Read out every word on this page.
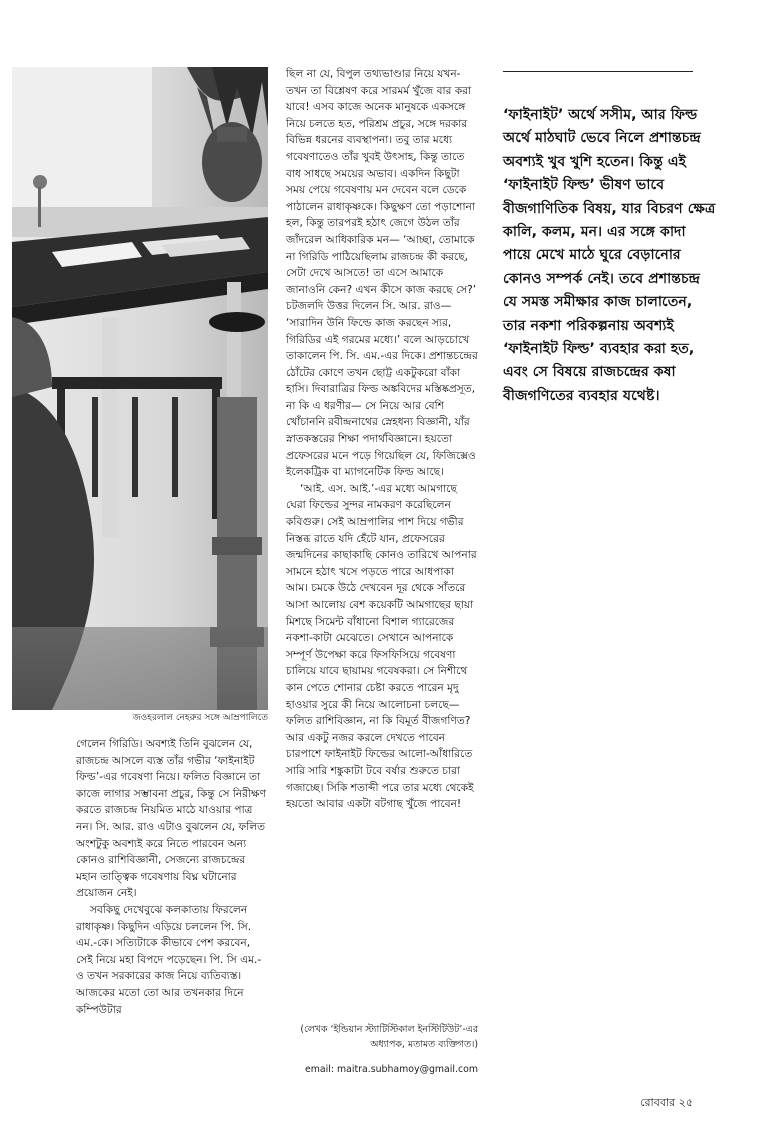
জওহরলাল নেহরুর সঙ্গে আম্রপালিতে

ছিল না যে, বিপুল তথ্যভাণ্ডার নিয়ে যখন-তখন তা বিশ্লেষণ করে সারমর্ম খুঁজে বার করা যাবে! এসব কাজে অনেক মানুষকে একসঙ্গে নিয়ে চলতে হত, পরিশ্রম প্রচুর, সঙ্গে দরকার বিভিন্ন ধরনের ব্যবস্থাপনা। তবু তার মধ্যে গবেষণাতেও তাঁর খুবই উৎসাহ, কিন্তু তাতে বাধ সাধছে সময়ের অভাব। একদিন কিছুটা সময় পেয়ে গবেষণায় মন দেবেন বলে ডেকে পাঠালেন রাধাকৃষ্ণকে। কিছুক্ষণ তো পড়াশোনা হল, কিন্তু তারপরই হঠাৎ জেগে উঠল তাঁর জাঁদরেল আধিকারিক মন— ‘আচ্ছা, তোমাকে না গিরিডি পাঠিয়েছিলাম রাজচন্দ্র কী করছে, সেটা দেখে আসতে! তা এসে আমাকে জানাওনি কেন? এখন কীসে কাজ করছে সে?’ চটজলদি উত্তর দিলেন সি. আর. রাও— ‘সারাদিন উনি ফিল্ডে কাজ করছেন স্যর, গিরিডির এই গরমের মধ্যে।’ বলে আড়চোখে তাকালেন পি. সি. এম.-এর দিকে। প্রশান্তচন্দ্রের ঠোঁটের কোণে তখন ছোট্ট একটুকরো বাঁকা হাসি। দিবারাত্রির ফিল্ড অঙ্কবিদের মস্তিষ্কপ্রসূত, না কি এ ধরণীর— সে নিয়ে আর বেশি খোঁচাননি রবীন্দ্রনাথের স্নেহধন্য বিজ্ঞানী, যাঁর স্নাতকস্তরের শিক্ষা পদার্থবিজ্ঞানে। হয়তো প্রফেসরের মনে পড়ে গিয়েছিল যে, ফিজিক্সেও ইলেকট্রিক বা ম্যাগনেটিক ফিল্ড আছে।

‘আই. এস. আই.’-এর মধ্যে আমগাছে ঘেরা ফিল্ডের সুন্দর নামকরণ করেছিলেন কবিগুরু। সেই আম্রপালির পাশ দিয়ে গভীর নিস্তব্ধ রাতে যদি হেঁটে যান, প্রফেসরের জন্মদিনের কাছাকাছি কোনও তারিখে আপনার সামনে হঠাৎ খসে পড়তে পারে আধপাকা আম। চমকে উঠে দেখবেন দূর থেকে সাঁতরে আসা আলোয় বেশ কয়েকটি আমগাছের ছায়া মিশছে সিমেন্ট বাঁধানো বিশাল গ্যারেজের নকশা-কাটা মেঝেতে। সেখানে আপনাকে সম্পূর্ণ উপেক্ষা করে ফিসফিসিয়ে গবেষণা চালিয়ে যাবে ছায়াময় গবেষকরা। সে নিশীথে কান পেতে শোনার চেষ্টা করতে পারেন মৃদু হাওয়ার সুরে কী নিয়ে আলোচনা চলছে— ফলিত রাশিবিজ্ঞান, না কি বিমূর্ত বীজগণিত? আর একটু নজর করলে দেখতে পাবেন চারপাশে ফাইনাইট ফিল্ডের আলো-আঁধারিতে সারি সারি শঙ্কুকাটা টবে বর্ষার শুরুতে চারা গজাচ্ছে। সিকি শতাব্দী পরে তার মধ্যে থেকেই হয়তো আবার একটা বটগাছ খুঁজে পাবেন!

গেলেন গিরিডি। অবশ্যই তিনি বুঝলেন যে, রাজচন্দ্র আসলে ব্যস্ত তাঁর গভীর ‘ফাইনাইট ফিল্ড’-এর গবেষণা নিয়ে। ফলিত বিজ্ঞানে তা কাজে লাগার সম্ভাবনা প্রচুর, কিন্তু সে নিরীক্ষণ করতে রাজচন্দ্র নিয়মিত মাঠে যাওয়ার পাত্র নন। সি. আর. রাও এটাও বুঝলেন যে, ফলিত অংশটুকু অবশ্যই করে নিতে পারবেন অন্য কোনও রাশিবিজ্ঞানী, সেজন্যে রাজচন্দ্রের মহান তাত্ত্বিক গবেষণায় বিঘ্ন ঘটানোর প্রয়োজন নেই।

সবকিছু দেখেবুঝে কলকাতায় ফিরলেন রাধাকৃষ্ণ। কিছুদিন এড়িয়ে চললেন পি. সি. এম.-কে। সত্যিটাকে কীভাবে পেশ করবেন, সেই নিয়ে মহা বিপদে পড়েছেন। পি. সি এম.-ও তখন সরকারের কাজ নিয়ে ব্যতিব্যস্ত। আজকের মতো তো আর তখনকার দিনে কম্পিউটার

(লেখক ‘ইন্ডিয়ান স্ট্যাটিস্টিকাল ইনস্টিটিউট’-এর অধ্যাপক, মতামত ব্যক্তিগত।)
email: maitra.subhamoy@gmail.com
‘ফাইনাইট’ অর্থে সসীম, আর ফিল্ড অর্থে মাঠঘাট ভেবে নিলে প্রশান্তচন্দ্র অবশ্যই খুব খুশি হতেন। কিন্তু এই ‘ফাইনাইট ফিল্ড’ ভীষণ ভাবে বীজগাণিতিক বিষয়, যার বিচরণ ক্ষেত্র কালি, কলম, মন। এর সঙ্গে কাদা পায়ে মেখে মাঠে ঘুরে বেড়ানোর কোনও সম্পর্ক নেই। তবে প্রশান্তচন্দ্র যে সমস্ত সমীক্ষার কাজ চালাতেন, তার নকশা পরিকল্পনায় অবশ্যই ‘ফাইনাইট ফিল্ড’ ব্যবহার করা হত, এবং সে বিষয়ে রাজচন্দ্রের কষা বীজগণিতের ব্যবহার যথেষ্ট।
রোববার ২৫
